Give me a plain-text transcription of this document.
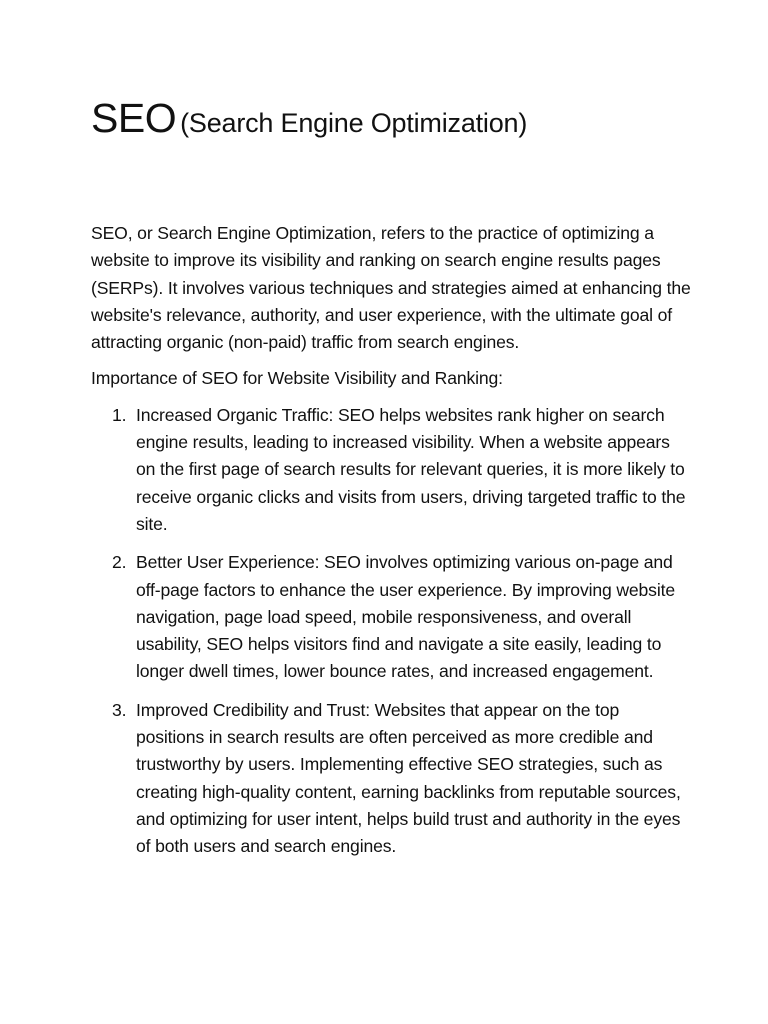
SEO (Search Engine Optimization)

SEO, or Search Engine Optimization, refers to the practice of optimizing a website to improve its visibility and ranking on search engine results pages (SERPs). It involves various techniques and strategies aimed at enhancing the website's relevance, authority, and user experience, with the ultimate goal of attracting organic (non-paid) traffic from search engines.

Importance of SEO for Website Visibility and Ranking:

1. Increased Organic Traffic: SEO helps websites rank higher on search engine results, leading to increased visibility. When a website appears on the first page of search results for relevant queries, it is more likely to receive organic clicks and visits from users, driving targeted traffic to the site.
2. Better User Experience: SEO involves optimizing various on-page and off-page factors to enhance the user experience. By improving website navigation, page load speed, mobile responsiveness, and overall usability, SEO helps visitors find and navigate a site easily, leading to longer dwell times, lower bounce rates, and increased engagement.
3. Improved Credibility and Trust: Websites that appear on the top positions in search results are often perceived as more credible and trustworthy by users. Implementing effective SEO strategies, such as creating high-quality content, earning backlinks from reputable sources, and optimizing for user intent, helps build trust and authority in the eyes of both users and search engines.
